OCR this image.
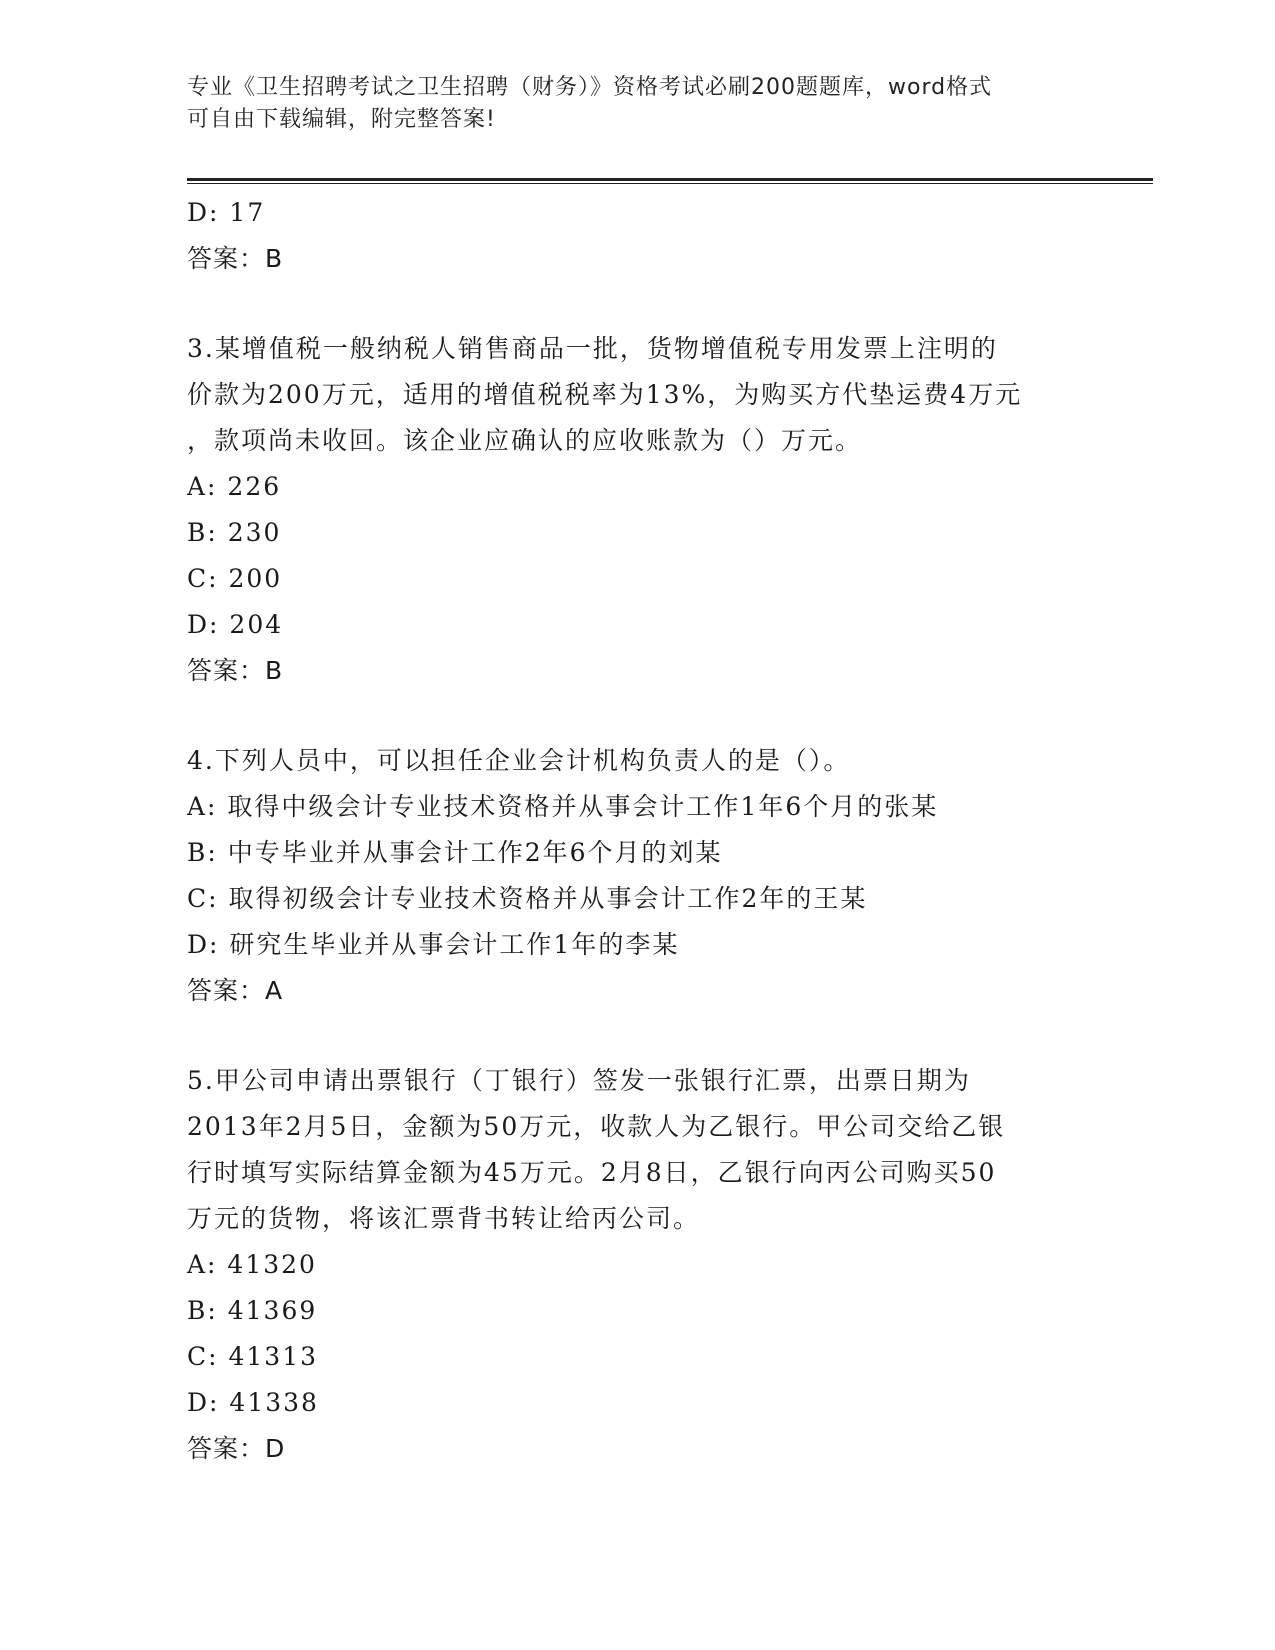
专业《卫生招聘考试之卫生招聘（财务）》资格考试必刷200题题库，word格式
可自由下载编辑，附完整答案!
D: 17
答案：B
3.某增值税一般纳税人销售商品一批，货物增值税专用发票上注明的
价款为200万元，适用的增值税税率为13%，为购买方代垫运费4万元
，款项尚未收回。该企业应确认的应收账款为（）万元。
A: 226
B: 230
C: 200
D: 204
答案：B
4.下列人员中，可以担任企业会计机构负责人的是（）。
A: 取得中级会计专业技术资格并从事会计工作1年6个月的张某
B: 中专毕业并从事会计工作2年6个月的刘某
C: 取得初级会计专业技术资格并从事会计工作2年的王某
D: 研究生毕业并从事会计工作1年的李某
答案：A
5.甲公司申请出票银行（丁银行）签发一张银行汇票，出票日期为
2013年2月5日，金额为50万元，收款人为乙银行。甲公司交给乙银
行时填写实际结算金额为45万元。2月8日，乙银行向丙公司购买50
万元的货物，将该汇票背书转让给丙公司。
A: 41320
B: 41369
C: 41313
D: 41338
答案：D
